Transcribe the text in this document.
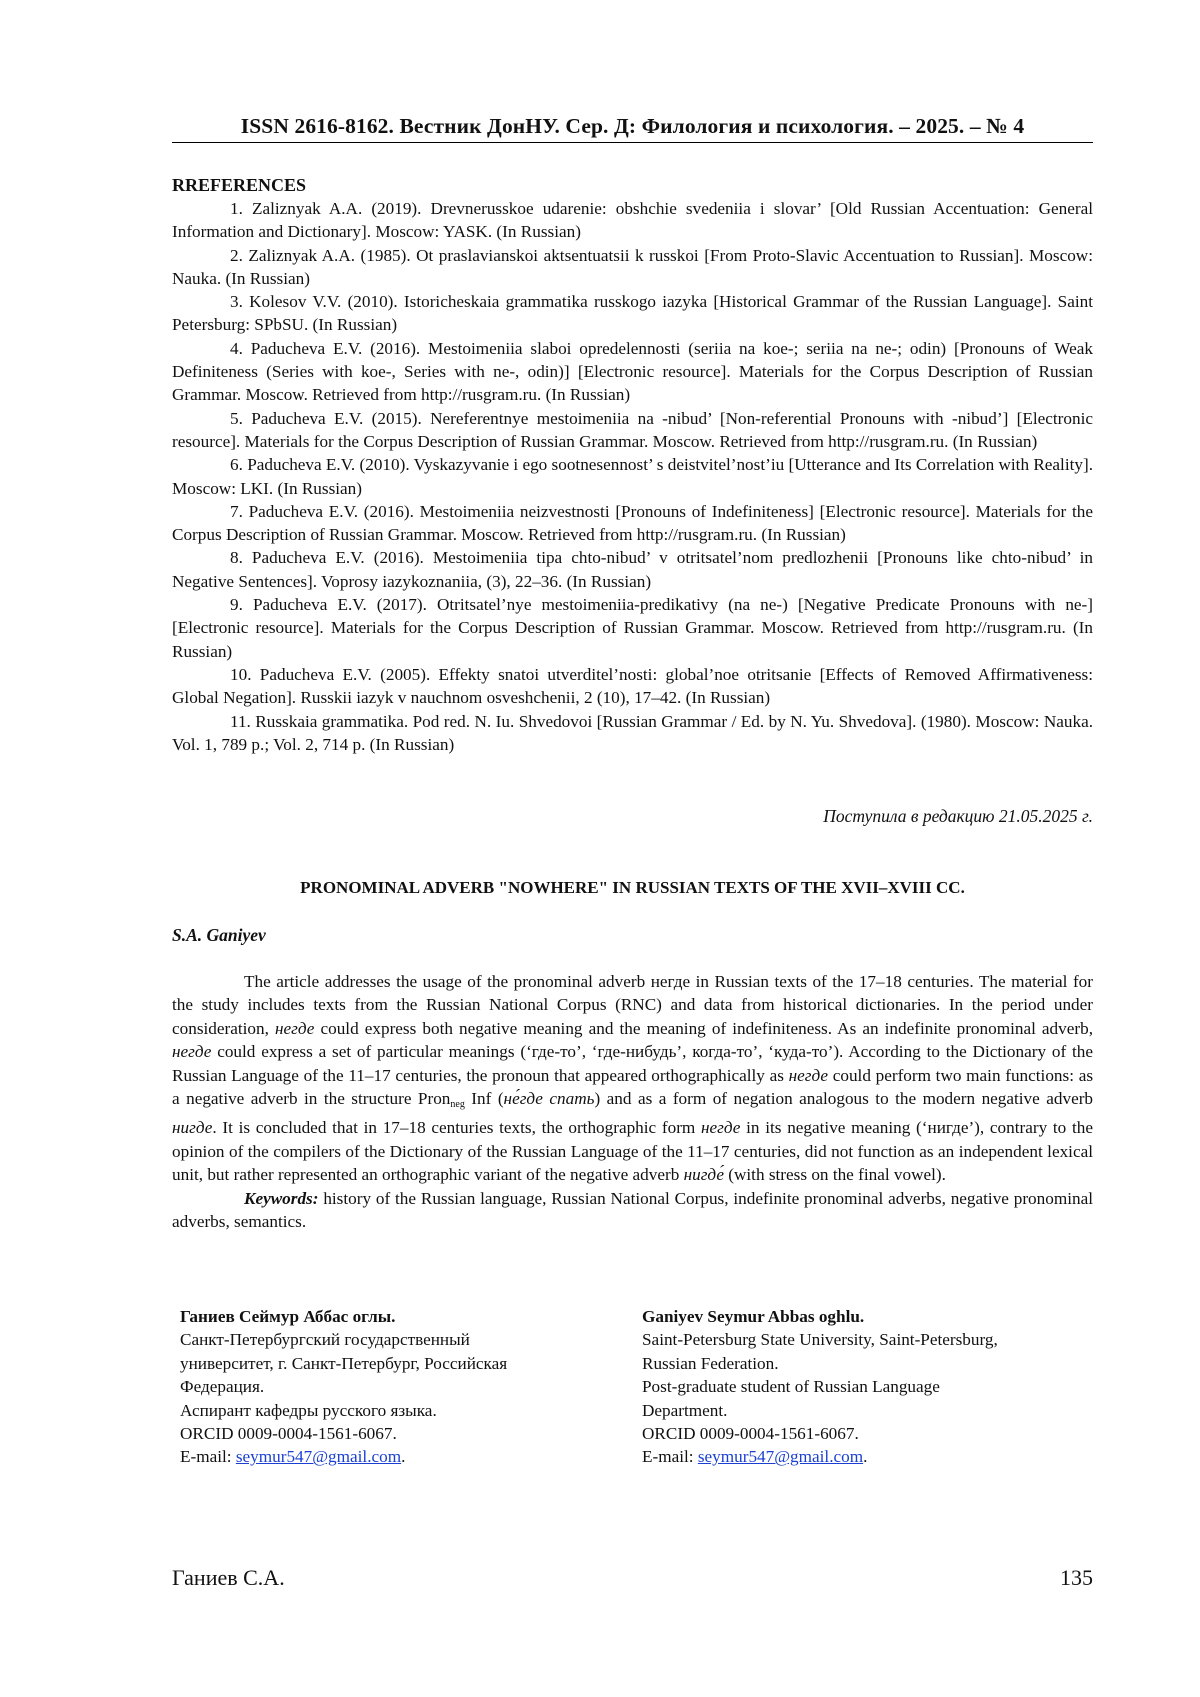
ISSN 2616-8162. Вестник ДонНУ. Сер. Д: Филология и психология. – 2025. – № 4
RREFERENCES

1. Zaliznyak A.A. (2019). Drevnerusskoe udarenie: obshchie svedeniia i slovar’ [Old Russian Accentuation: General Information and Dictionary]. Moscow: YASK. (In Russian)

2. Zaliznyak A.A. (1985). Ot praslavianskoi aktsentuatsii k russkoi [From Proto-Slavic Accentuation to Russian]. Moscow: Nauka. (In Russian)

3. Kolesov V.V. (2010). Istoricheskaia grammatika russkogo iazyka [Historical Grammar of the Russian Language]. Saint Petersburg: SPbSU. (In Russian)

4. Paducheva E.V. (2016). Mestoimeniia slaboi opredelennosti (seriia na koe-; seriia na ne-; odin) [Pronouns of Weak Definiteness (Series with koe-, Series with ne-, odin)] [Electronic resource]. Materials for the Corpus Description of Russian Grammar. Moscow. Retrieved from http://rusgram.ru. (In Russian)

5. Paducheva E.V. (2015). Nereferentnye mestoimeniia na -nibud’ [Non-referential Pronouns with -nibud’] [Electronic resource]. Materials for the Corpus Description of Russian Grammar. Moscow. Retrieved from http://rusgram.ru. (In Russian)

6. Paducheva E.V. (2010). Vyskazyvanie i ego sootnesennost’ s deistvitel’nost’iu [Utterance and Its Correlation with Reality]. Moscow: LKI. (In Russian)

7. Paducheva E.V. (2016). Mestoimeniia neizvestnosti [Pronouns of Indefiniteness] [Electronic resource]. Materials for the Corpus Description of Russian Grammar. Moscow. Retrieved from http://rusgram.ru. (In Russian)

8. Paducheva E.V. (2016). Mestoimeniia tipa chto-nibud’ v otritsatel’nom predlozhenii [Pronouns like chto-nibud’ in Negative Sentences]. Voprosy iazykoznaniia, (3), 22–36. (In Russian)

9. Paducheva E.V. (2017). Otritsatel’nye mestoimeniia-predikativy (na ne-) [Negative Predicate Pronouns with ne-] [Electronic resource]. Materials for the Corpus Description of Russian Grammar. Moscow. Retrieved from http://rusgram.ru. (In Russian)

10. Paducheva E.V. (2005). Effekty snatoi utverditel’nosti: global’noe otritsanie [Effects of Removed Affirmativeness: Global Negation]. Russkii iazyk v nauchnom osveshchenii, 2 (10), 17–42. (In Russian)

11. Russkaia grammatika. Pod red. N. Iu. Shvedovoi [Russian Grammar / Ed. by N. Yu. Shvedova]. (1980). Moscow: Nauka. Vol. 1, 789 p.; Vol. 2, 714 p. (In Russian)

Поступила в редакцию 21.05.2025 г.
PRONOMINAL ADVERB "NOWHERE" IN RUSSIAN TEXTS OF THE XVII–XVIII CC.
S.A. Ganiyev

The article addresses the usage of the pronominal adverb негде in Russian texts of the 17–18 centuries. The material for the study includes texts from the Russian National Corpus (RNC) and data from historical dictionaries. In the period under consideration, негде could express both negative meaning and the meaning of indefiniteness. As an indefinite pronominal adverb, негде could express a set of particular meanings (‘где-то’, ‘где-нибудь’, когда-то’, ‘куда-то’). According to the Dictionary of the Russian Language of the 11–17 centuries, the pronoun that appeared orthographically as негде could perform two main functions: as a negative adverb in the structure Pron$_{neg}$ Inf (не́где спать) and as a form of negation analogous to the modern negative adverb нигде. It is concluded that in 17–18 centuries texts, the orthographic form негде in its negative meaning (‘нигде’), contrary to the opinion of the compilers of the Dictionary of the Russian Language of the 11–17 centuries, did not function as an independent lexical unit, but rather represented an orthographic variant of the negative adverb нигде́ (with stress on the final vowel).

Keywords: history of the Russian language, Russian National Corpus, indefinite pronominal adverbs, negative pronominal adverbs, semantics.

Ганиев Сеймур Аббас оглы.
Санкт-Петербургский государственный
университет, г. Санкт-Петербург, Российская
Федерация.
Аспирант кафедры русского языка.
ORCID 0009-0004-1561-6067.
E-mail: seymur547@gmail.com.
Ganiyev Seymur Abbas oghlu.
Saint-Petersburg State University, Saint-Petersburg,
Russian Federation.
Post-graduate student of Russian Language
Department.
ORCID 0009-0004-1561-6067.
E-mail: seymur547@gmail.com.
Ганиев С.А.	135
